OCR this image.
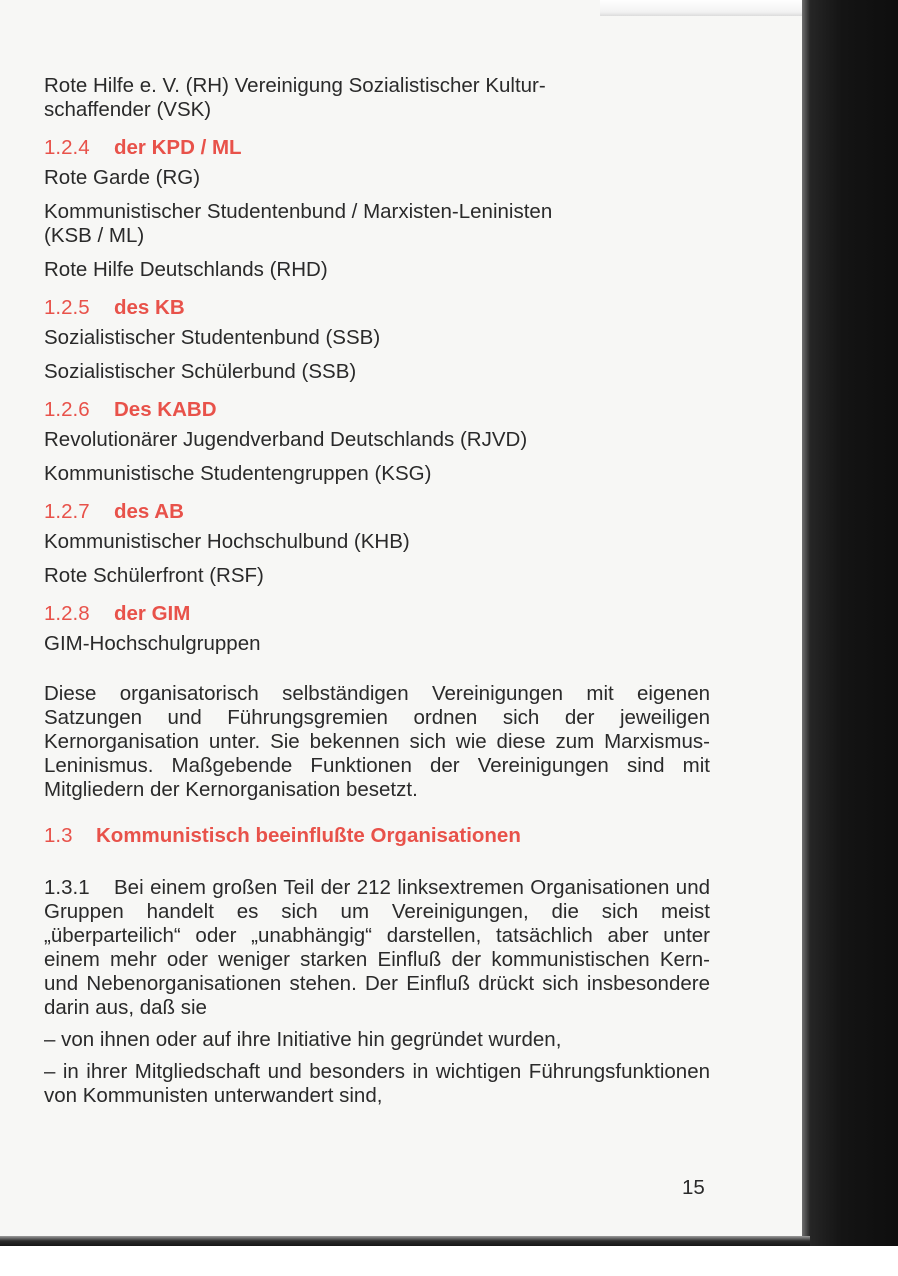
Rote Hilfe e. V. (RH) Vereinigung Sozialistischer Kultur-

schaffender (VSK)

1.2.4 der KPD / ML

Rote Garde (RG)

Kommunistischer Studentenbund / Marxisten-Leninisten

(KSB / ML)

Rote Hilfe Deutschlands (RHD)

1.2.5 des KB

Sozialistischer Studentenbund (SSB)

Sozialistischer Schülerbund (SSB)

1.2.6 Des KABD

Revolutionärer Jugendverband Deutschlands (RJVD)

Kommunistische Studentengruppen (KSG)

1.2.7 des AB

Kommunistischer Hochschulbund (KHB)

Rote Schülerfront (RSF)

1.2.8 der GIM

GIM-Hochschulgruppen

Diese organisatorisch selbständigen Vereinigungen mit eigenen Satzungen und Führungsgremien ordnen sich der jeweiligen Kernorganisation unter. Sie bekennen sich wie diese zum Marxismus-Leninismus. Maßgebende Funktionen der Vereinigungen sind mit Mitgliedern der Kernorganisation besetzt.

1.3 Kommunistisch beeinflußte Organisationen

1.3.1 Bei einem großen Teil der 212 linksextremen Organisationen und Gruppen handelt es sich um Vereinigungen, die sich meist „überparteilich“ oder „unabhängig“ darstellen, tatsächlich aber unter einem mehr oder weniger starken Einfluß der kommunistischen Kern- und Nebenorganisationen stehen. Der Einfluß drückt sich insbesondere darin aus, daß sie

– von ihnen oder auf ihre Initiative hin gegründet wurden,

– in ihrer Mitgliedschaft und besonders in wichtigen Führungsfunktionen von Kommunisten unterwandert sind,

15
